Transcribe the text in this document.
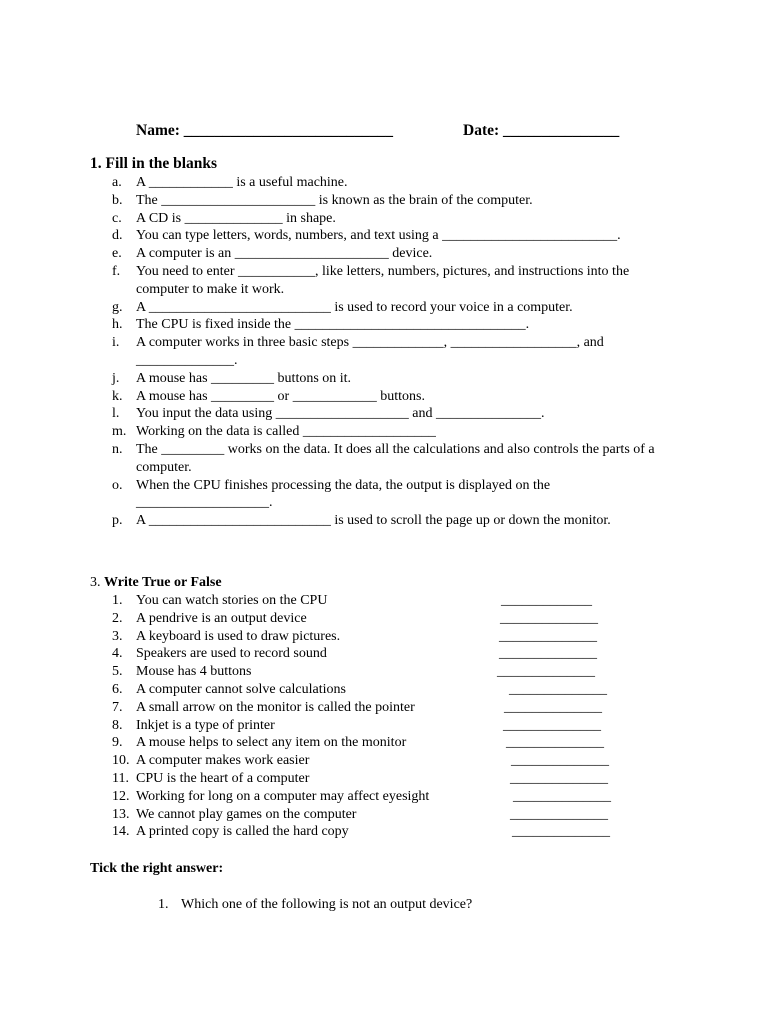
Name: ___________________________	Date: _______________
1. Fill in the blanks
a.	A ____________ is a useful machine.
b. The ______________________ is known as the brain of the computer.
c.	A CD is ______________ in shape.
d. You can type letters, words, numbers, and text using a _________________________.
e.	A computer is an ______________________ device.
f.	You need to enter ___________, like letters, numbers, pictures, and instructions into the computer to make it work.
g. A __________________________ is used to record your voice in a computer.
h. The CPU is fixed inside the _________________________________.
i.	A computer works in three basic steps _____________, __________________, and ______________.
j.	A mouse has _________ buttons on it.
k. A mouse has _________ or ____________ buttons.
l.	You input the data using ___________________ and _______________.
m. Working on the data is called ___________________
n. The _________ works on the data. It does all the calculations and also controls the parts of a computer.
o. When the CPU finishes processing the data, the output is displayed on the ___________________.
p. A __________________________ is used to scroll the page up or down the monitor.
3. Write True or False
1. You can watch stories on the CPU	_____________
2. A pendrive is an output device	______________
3. A keyboard is used to draw pictures.	______________
4. Speakers are used to record sound	______________
5. Mouse has 4 buttons	______________
6. A computer cannot solve calculations	______________
7. A small arrow on the monitor is called the pointer	______________
8. Inkjet is a type of printer	______________
9. A mouse helps to select any item on the monitor	______________
10. A computer makes work easier	______________
11. CPU is the heart of a computer	______________
12. Working for long on a computer may affect eyesight	______________
13. We cannot play games on the computer	______________
14. A printed copy is called the hard copy	______________
Tick the right answer:
1. Which one of the following is not an output device?
